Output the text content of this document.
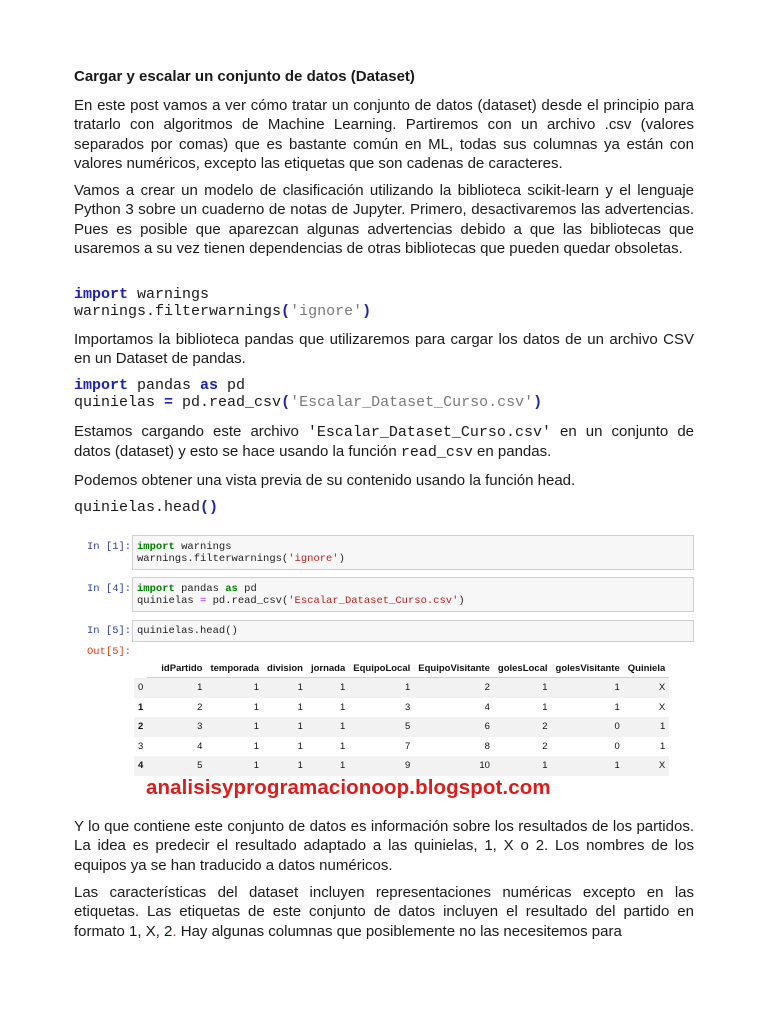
Cargar y escalar un conjunto de datos (Dataset)

En este post vamos a ver cómo tratar un conjunto de datos (dataset) desde el principio para tratarlo con algoritmos de Machine Learning. Partiremos con un archivo .csv (valores separados por comas) que es bastante común en ML, todas sus columnas ya están con valores numéricos, excepto las etiquetas que son cadenas de caracteres.

Vamos a crear un modelo de clasificación utilizando la biblioteca scikit-learn y el lenguaje Python 3 sobre un cuaderno de notas de Jupyter. Primero, desactivaremos las advertencias. Pues es posible que aparezcan algunas advertencias debido a que las bibliotecas que usaremos a su vez tienen dependencias de otras bibliotecas que pueden quedar obsoletas.

import warnings
warnings.filterwarnings('ignore')

Importamos la biblioteca pandas que utilizaremos para cargar los datos de un archivo CSV en un Dataset de pandas.

import pandas as pd
quinielas = pd.read_csv('Escalar_Dataset_Curso.csv')

Estamos cargando este archivo 'Escalar_Dataset_Curso.csv' en un conjunto de datos (dataset) y esto se hace usando la función read_csv en pandas.

Podemos obtener una vista previa de su contenido usando la función head.

quinielas.head()
In [1]: import warnings
warnings.filterwarnings('ignore')
In [4]: import pandas as pd
quinielas = pd.read_csv('Escalar_Dataset_Curso.csv')
In [5]: quinielas.head()
Out[5]:
	idPartido	temporada	division	jornada	EquipoLocal	EquipoVisitante	golesLocal	golesVisitante	Quiniela
0	1	1	1	1	1	2	1	1	X
1	2	1	1	1	3	4	1	1	X
2	3	1	1	1	5	6	2	0	1
3	4	1	1	1	7	8	2	0	1
4	5	1	1	1	9	10	1	1	X
analisisyprogramacionoop.blogspot.com

Y lo que contiene este conjunto de datos es información sobre los resultados de los partidos. La idea es predecir el resultado adaptado a las quinielas, 1, X o 2. Los nombres de los equipos ya se han traducido a datos numéricos.

Las características del dataset incluyen representaciones numéricas excepto en las etiquetas. Las etiquetas de este conjunto de datos incluyen el resultado del partido en formato 1, X, 2. Hay algunas columnas que posiblemente no las necesitemos para
